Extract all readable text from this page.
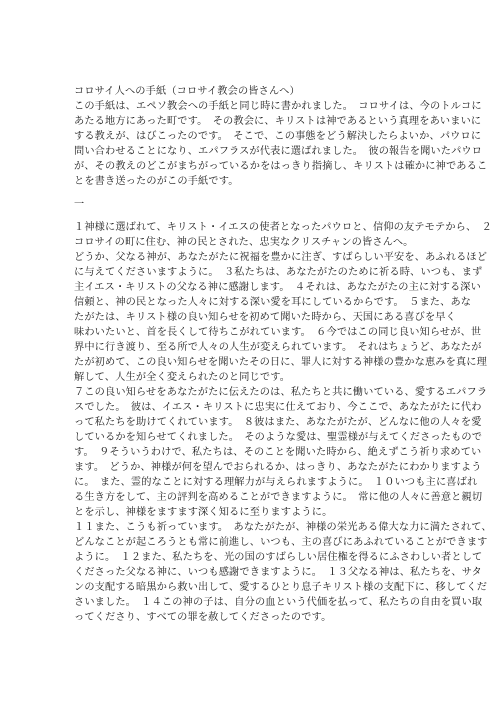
コロサイ人への手紙（コロサイ教会の皆さんへ）
この手紙は、エペソ教会への手紙と同じ時に書かれました。　コロサイは、今のトルコに
あたる地方にあった町です。　その教会に、キリストは神であるという真理をあいまいに
する教えが、はびこったのです。　そこで、この事態をどう解決したらよいか、パウロに
問い合わせることになり、エパフラスが代表に選ばれました。　彼の報告を聞いたパウロ
が、その教えのどこがまちがっているかをはっきり指摘し、キリストは確かに神であるこ
とを書き送ったのがこの手紙です。
一
１神様に選ばれて、キリスト・イエスの使者となったパウロと、信仰の友テモテから、　２
コロサイの町に住む、神の民とされた、忠実なクリスチャンの皆さんへ。
どうか、父なる神が、あなたがたに祝福を豊かに注ぎ、すばらしい平安を、あふれるほど
に与えてくださいますように。　３私たちは、あなたがたのために祈る時、いつも、まず
主イエス・キリストの父なる神に感謝します。　４それは、あなたがたの主に対する深い
信頼と、神の民となった人々に対する深い愛を耳にしているからです。　５また、あな
たがたは、キリスト様の良い知らせを初めて聞いた時から、天国にある喜びを早く
味わいたいと、首を長くして待ちこがれています。　６今ではこの同じ良い知らせが、世
界中に行き渡り、至る所で人々の人生が変えられています。　それはちょうど、あなたが
たが初めて、この良い知らせを聞いたその日に、罪人に対する神様の豊かな恵みを真に理
解して、人生が全く変えられたのと同じです。
７この良い知らせをあなたがたに伝えたのは、私たちと共に働いている、愛するエパフラ
スでした。　彼は、イエス・キリストに忠実に仕えており、今ここで、あなたがたに代わ
って私たちを助けてくれています。　８彼はまた、あなたがたが、どんなに他の人々を愛
しているかを知らせてくれました。　そのような愛は、聖霊様が与えてくださったもので
す。　９そういうわけで、私たちは、そのことを聞いた時から、絶えずこう祈り求めてい
ます。　どうか、神様が何を望んでおられるか、はっきり、あなたがたにわかりますよう
に。　また、霊的なことに対する理解力が与えられますように。　１０いつも主に喜ばれ
る生き方をして、主の評判を高めることができますように。　常に他の人々に善意と親切
とを示し、神様をますます深く知るに至りますように。
１１また、こうも祈っています。　あなたがたが、神様の栄光ある偉大な力に満たされて、
どんなことが起ころうとも常に前進し、いつも、主の喜びにあふれていることができます
ように。　１２また、私たちを、光の国のすばらしい居住権を得るにふさわしい者として
くださった父なる神に、いつも感謝できますように。　１３父なる神は、私たちを、サタ
ンの支配する暗黒から救い出して、愛するひとり息子キリスト様の支配下に、移してくだ
さいました。　１４この神の子は、自分の血という代価を払って、私たちの自由を買い取
ってくださり、すべての罪を赦してくださったのです。
